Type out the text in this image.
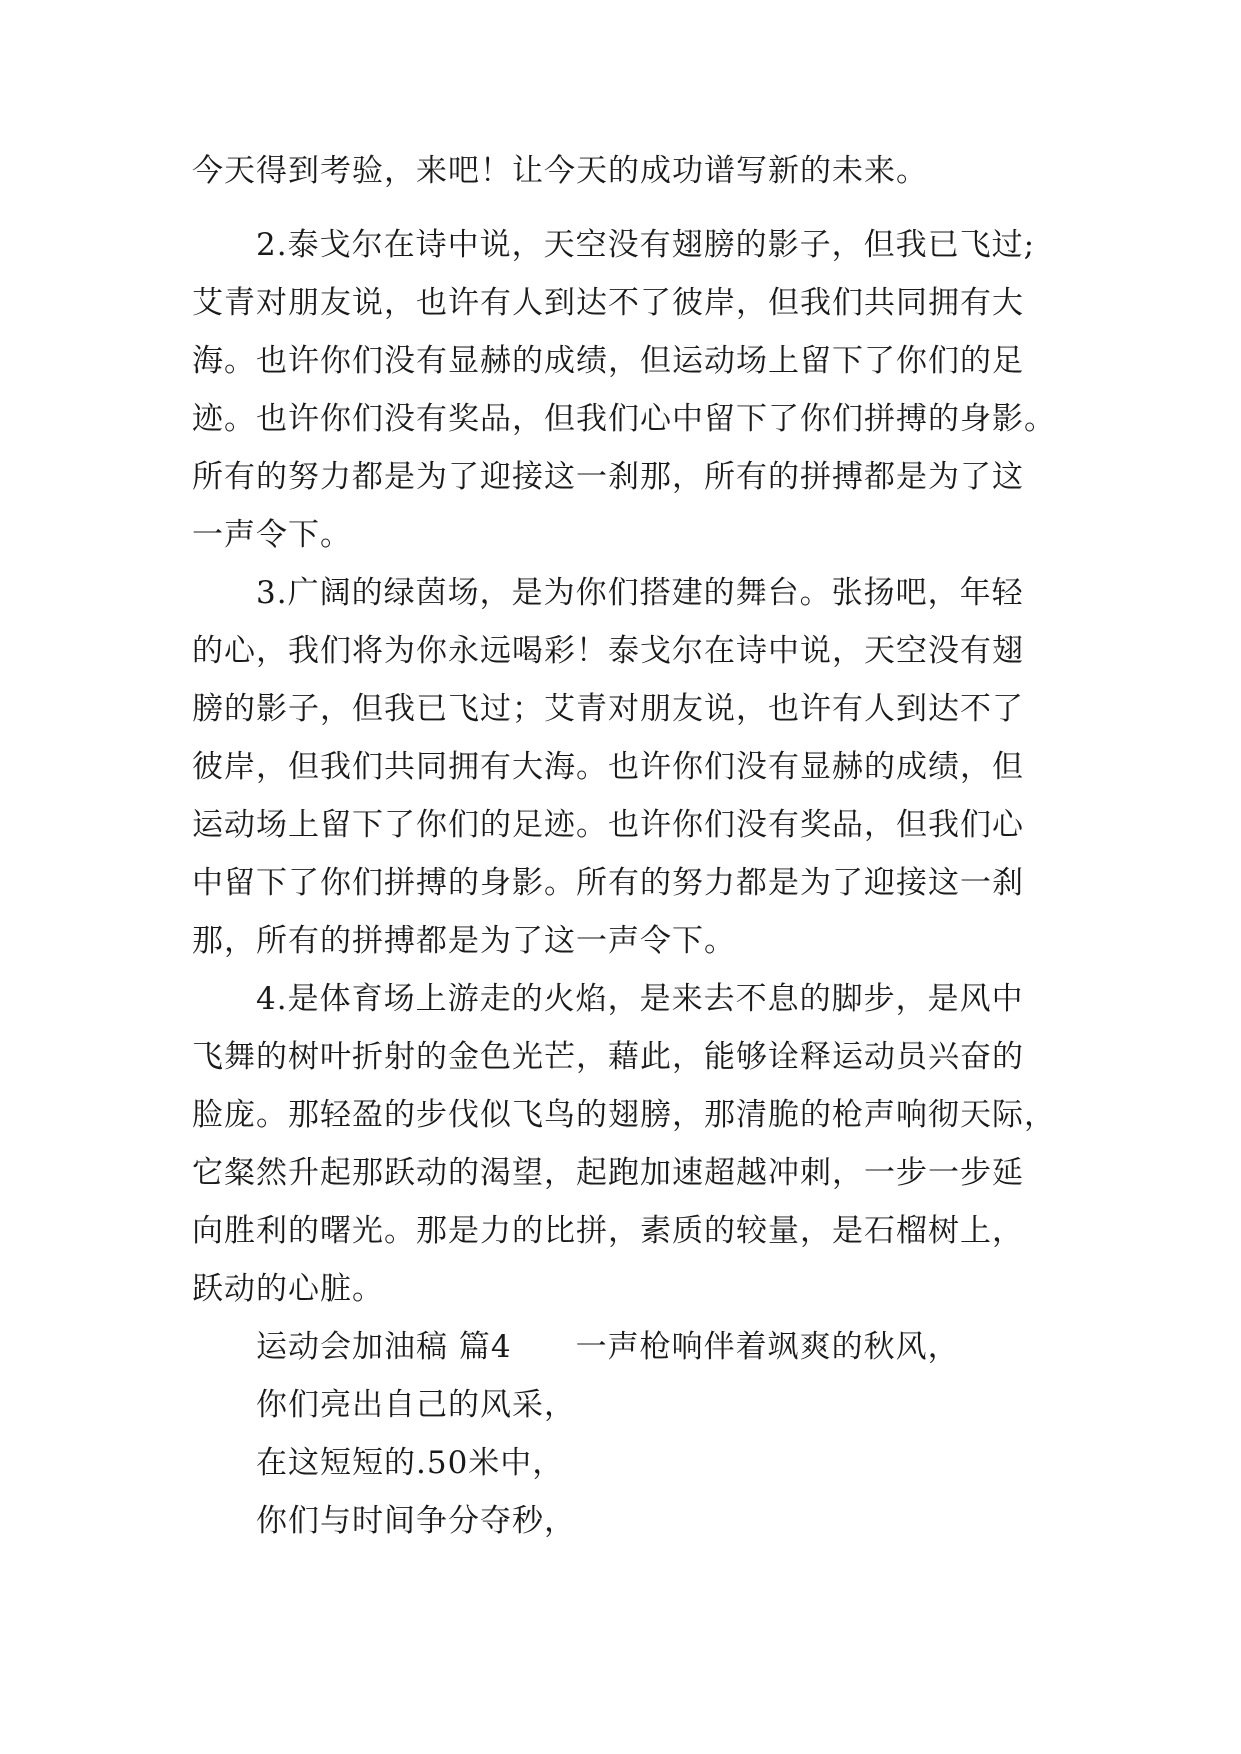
今天得到考验，来吧！让今天的成功谱写新的未来。
2.泰戈尔在诗中说，天空没有翅膀的影子，但我已飞过;
艾青对朋友说，也许有人到达不了彼岸，但我们共同拥有大
海。也许你们没有显赫的成绩，但运动场上留下了你们的足
迹。也许你们没有奖品，但我们心中留下了你们拼搏的身影。
所有的努力都是为了迎接这一刹那，所有的拼搏都是为了这
一声令下。
3.广阔的绿茵场，是为你们搭建的舞台。张扬吧，年轻
的心，我们将为你永远喝彩！泰戈尔在诗中说，天空没有翅
膀的影子，但我已飞过；艾青对朋友说，也许有人到达不了
彼岸，但我们共同拥有大海。也许你们没有显赫的成绩，但
运动场上留下了你们的足迹。也许你们没有奖品，但我们心
中留下了你们拼搏的身影。所有的努力都是为了迎接这一刹
那，所有的拼搏都是为了这一声令下。
4.是体育场上游走的火焰，是来去不息的脚步，是风中
飞舞的树叶折射的金色光芒，藉此，能够诠释运动员兴奋的
脸庞。那轻盈的步伐似飞鸟的翅膀，那清脆的枪声响彻天际，
它粲然升起那跃动的渴望，起跑加速超越冲刺，一步一步延
向胜利的曙光。那是力的比拼，素质的较量，是石榴树上，
跃动的心脏。
运动会加油稿 篇4　　一声枪响伴着飒爽的秋风，
你们亮出自己的风采，
在这短短的.50米中，
你们与时间争分夺秒，
